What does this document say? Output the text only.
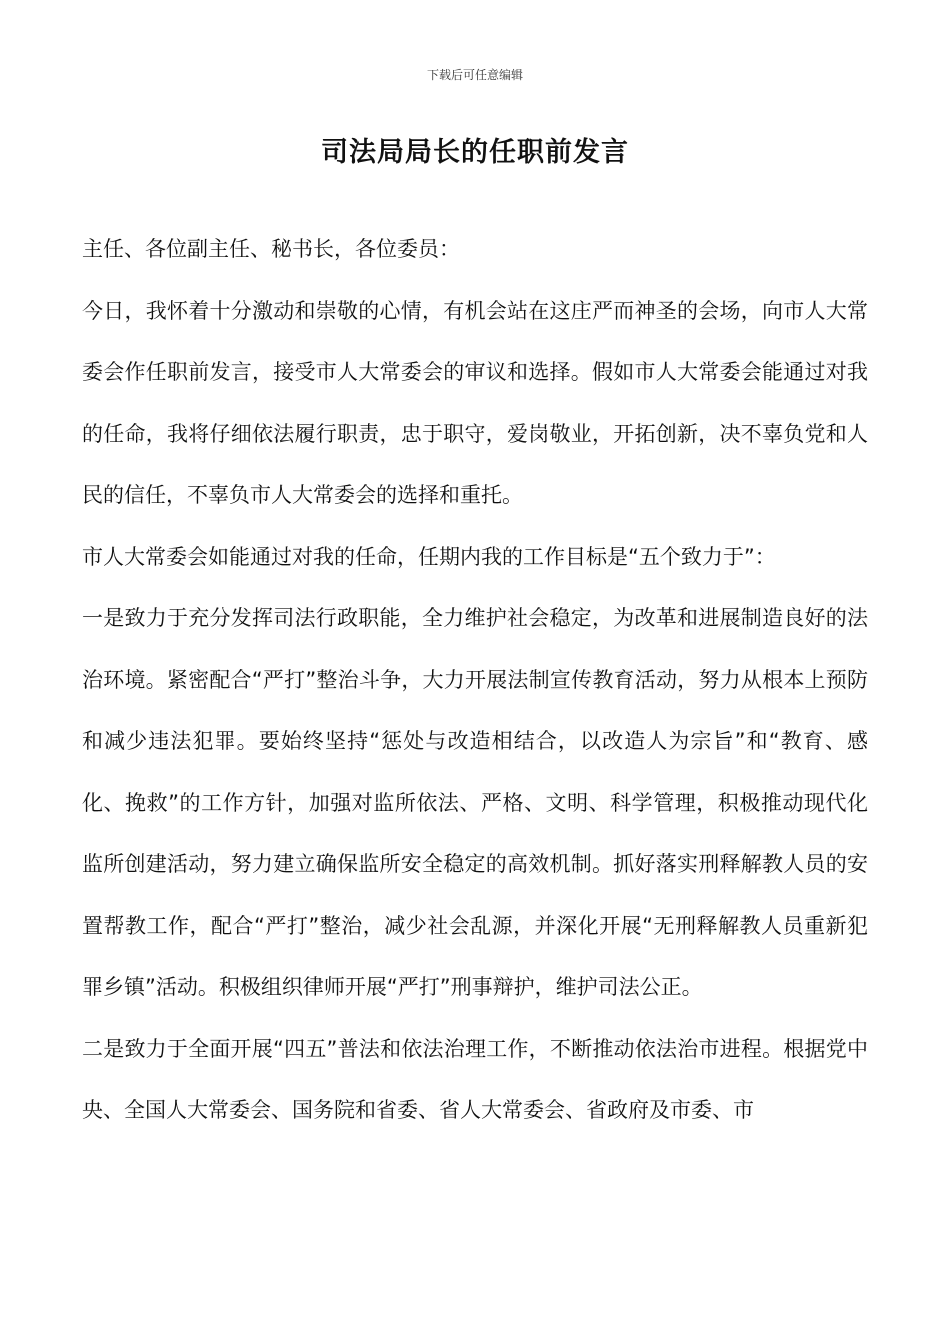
下载后可任意编辑
司法局局长的任职前发言

主任、各位副主任、秘书长，各位委员：

今日，我怀着十分激动和崇敬的心情，有机会站在这庄严而神圣的会场，向市人大常委会作任职前发言，接受市人大常委会的审议和选择。假如市人大常委会能通过对我的任命，我将仔细依法履行职责，忠于职守，爱岗敬业，开拓创新，决不辜负党和人民的信任，不辜负市人大常委会的选择和重托。

市人大常委会如能通过对我的任命，任期内我的工作目标是“五个致力于”：

一是致力于充分发挥司法行政职能，全力维护社会稳定，为改革和进展制造良好的法治环境。紧密配合“严打”整治斗争，大力开展法制宣传教育活动，努力从根本上预防和减少违法犯罪。要始终坚持“惩处与改造相结合，以改造人为宗旨”和“教育、感化、挽救”的工作方针，加强对监所依法、严格、文明、科学管理，积极推动现代化监所创建活动，努力建立确保监所安全稳定的高效机制。抓好落实刑释解教人员的安置帮教工作，配合“严打”整治，减少社会乱源，并深化开展“无刑释解教人员重新犯罪乡镇”活动。积极组织律师开展“严打”刑事辩护，维护司法公正。

二是致力于全面开展“四五”普法和依法治理工作，不断推动依法治市进程。根据党中央、全国人大常委会、国务院和省委、省人大常委会、省政府及市委、市
